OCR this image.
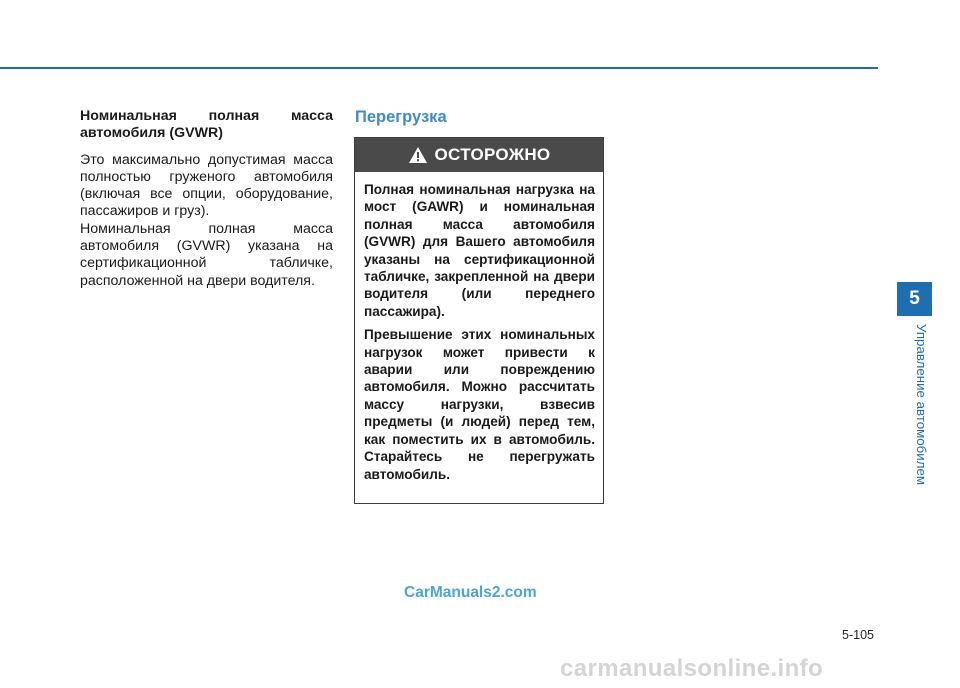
Номинальная полная масса автомобиля (GVWR)

Это максимально допустимая масса полностью груженого автомобиля (включая все опции, оборудование, пассажиров и груз).

Номинальная полная масса автомобиля (GVWR) указана на сертификационной табличке, расположенной на двери водителя.

Перегрузка
ОСТОРОЖНО

Полная номинальная нагрузка на мост (GAWR) и номинальная полная масса автомобиля (GVWR) для Вашего автомобиля указаны на сертификационной табличке, закрепленной на двери водителя (или переднего пассажира).

Превышение этих номинальных нагрузок может привести к аварии или повреждению автомобиля. Можно рассчитать массу нагрузки, взвесив предметы (и людей) перед тем, как поместить их в автомобиль. Старайтесь не перегружать автомобиль.

5
Управление автомобилем
CarManuals2.com
5-105
carmanualsonline.info
